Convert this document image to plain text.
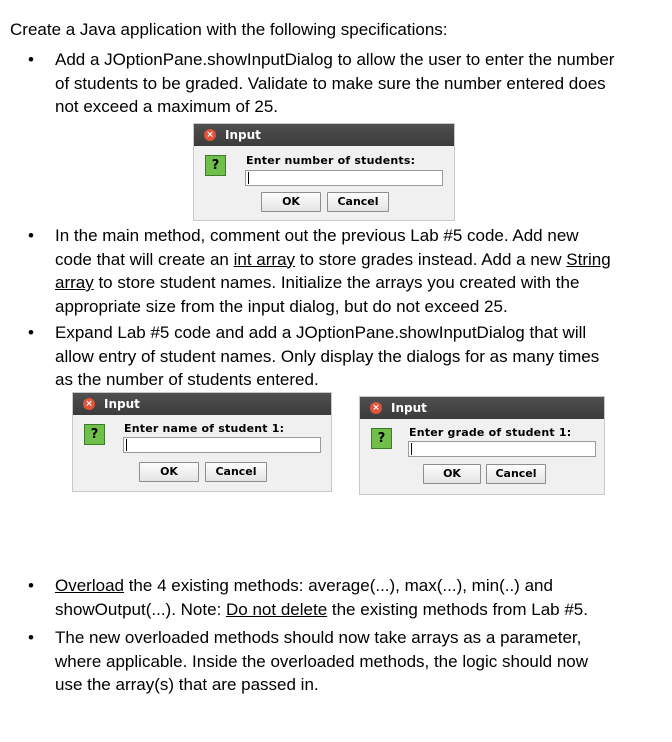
Create a Java application with the following specifications:
•	Add a JOptionPane.showInputDialog to allow the user to enter the number
of students to be graded. Validate to make sure the number entered does
not exceed a maximum of 25.
× Input
?	Enter number of students:
OK	Cancel
•	In the main method, comment out the previous Lab #5 code. Add new
code that will create an int array to store grades instead. Add a new String
array to store student names. Initialize the arrays you created with the
appropriate size from the input dialog, but do not exceed 25.
•	Expand Lab #5 code and add a JOptionPane.showInputDialog that will
allow entry of student names. Only display the dialogs for as many times
as the number of students entered.
× Input
?	Enter name of student 1:
OK	Cancel
× Input
?	Enter grade of student 1:
OK	Cancel
•	Overload the 4 existing methods: average(...), max(...), min(..) and
showOutput(...). Note: Do not delete the existing methods from Lab #5.
•	The new overloaded methods should now take arrays as a parameter,
where applicable. Inside the overloaded methods, the logic should now
use the array(s) that are passed in.
